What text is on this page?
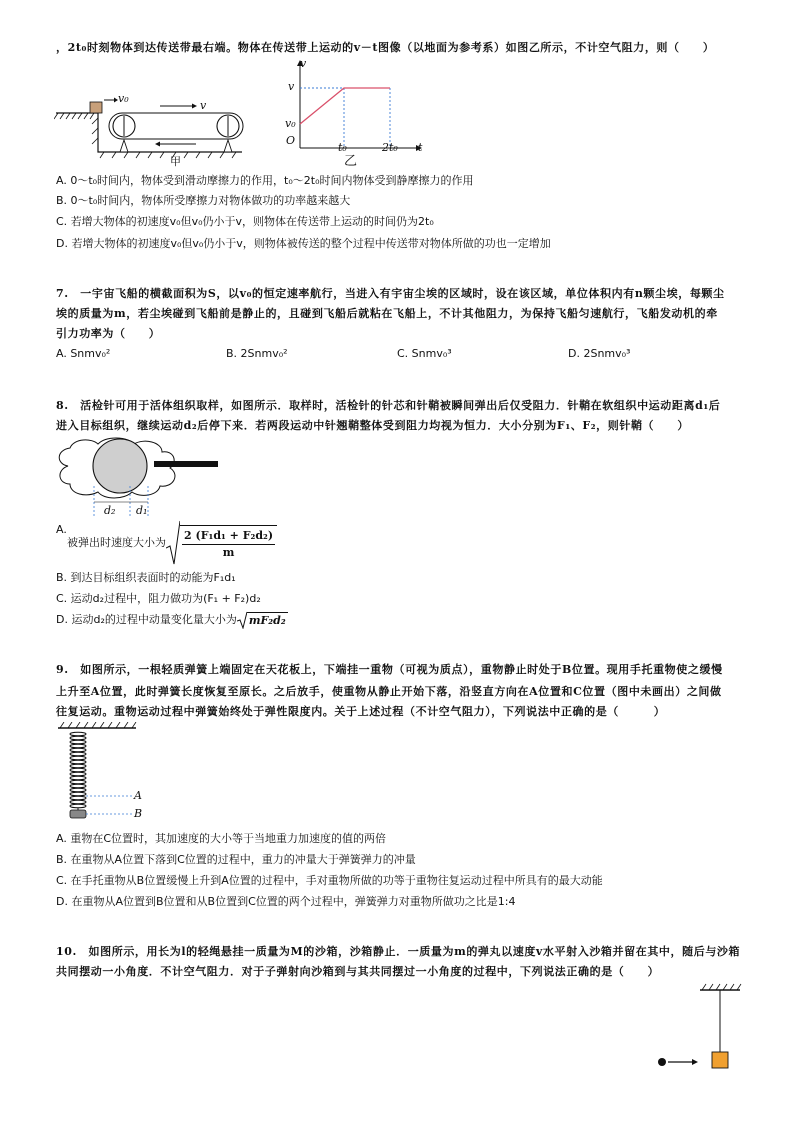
，2t₀时刻物体到达传送带最右端。物体在传送带上运动的v－t图像（以地面为参考系）如图乙所示，不计空气阻力，则（　　）
v₀
v
甲
v
v
v₀
O
t₀	2t₀ t
乙
A. 0～t₀时间内，物体受到滑动摩擦力的作用，t₀～2t₀时间内物体受到静摩擦力的作用
B. 0～t₀时间内，物体所受摩擦力对物体做功的功率越来越大
C. 若增大物体的初速度v₀但v₀仍小于v，则物体在传送带上运动的时间仍为2t₀
D. 若增大物体的初速度v₀但v₀仍小于v，则物体被传送的整个过程中传送带对物体所做的功也一定增加
7.　一宇宙飞船的横截面积为S，以v₀的恒定速率航行，当进入有宇宙尘埃的区域时，设在该区域，单位体积内有n颗尘埃，每颗尘
埃的质量为m，若尘埃碰到飞船前是静止的，且碰到飞船后就粘在飞船上，不计其他阻力，为保持飞船匀速航行，飞船发动机的牵
引力功率为（　　）
A. Snmv₀²	B. 2Snmv₀²	C. Snmv₀³	D. 2Snmv₀³
8.　活检针可用于活体组织取样，如图所示．取样时，活检针的针芯和针鞘被瞬间弹出后仅受阻力．针鞘在软组织中运动距离d₁后
进入目标组织，继续运动d₂后停下来．若两段运动中针翘鞘整体受到阻力均视为恒力．大小分别为F₁、F₂，则针鞘（　　）
d₂ d₁
A.
被弹出时速度大小为 $\frac{\text{2 (F₁d₁ + F₂d₂)}}{m}$
B. 到达目标组织表面时的动能为F₁d₁
C. 运动d₂过程中，阻力做功为(F₁ + F₂)d₂
D. 运动d₂的过程中动量变化量大小为 mF₂d₂
9.　如图所示，一根轻质弹簧上端固定在天花板上，下端挂一重物（可视为质点），重物静止时处于B位置。现用手托重物使之缓慢
上升至A位置，此时弹簧长度恢复至原长。之后放手，使重物从静止开始下落，沿竖直方向在A位置和C位置（图中未画出）之间做
往复运动。重物运动过程中弹簧始终处于弹性限度内。关于上述过程（不计空气阻力），下列说法中正确的是（　　　）
A
B
A. 重物在C位置时，其加速度的大小等于当地重力加速度的值的两倍
B. 在重物从A位置下落到C位置的过程中，重力的冲量大于弹簧弹力的冲量
C. 在手托重物从B位置缓慢上升到A位置的过程中，手对重物所做的功等于重物往复运动过程中所具有的最大动能
D. 在重物从A位置到B位置和从B位置到C位置的两个过程中，弹簧弹力对重物所做功之比是1:4
10.　如图所示，用长为l的轻绳悬挂一质量为M的沙箱，沙箱静止．一质量为m的弹丸以速度v水平射入沙箱并留在其中，随后与沙箱
共同摆动一小角度．不计空气阻力．对于子弹射向沙箱到与其共同摆过一小角度的过程中，下列说法正确的是（　　）
